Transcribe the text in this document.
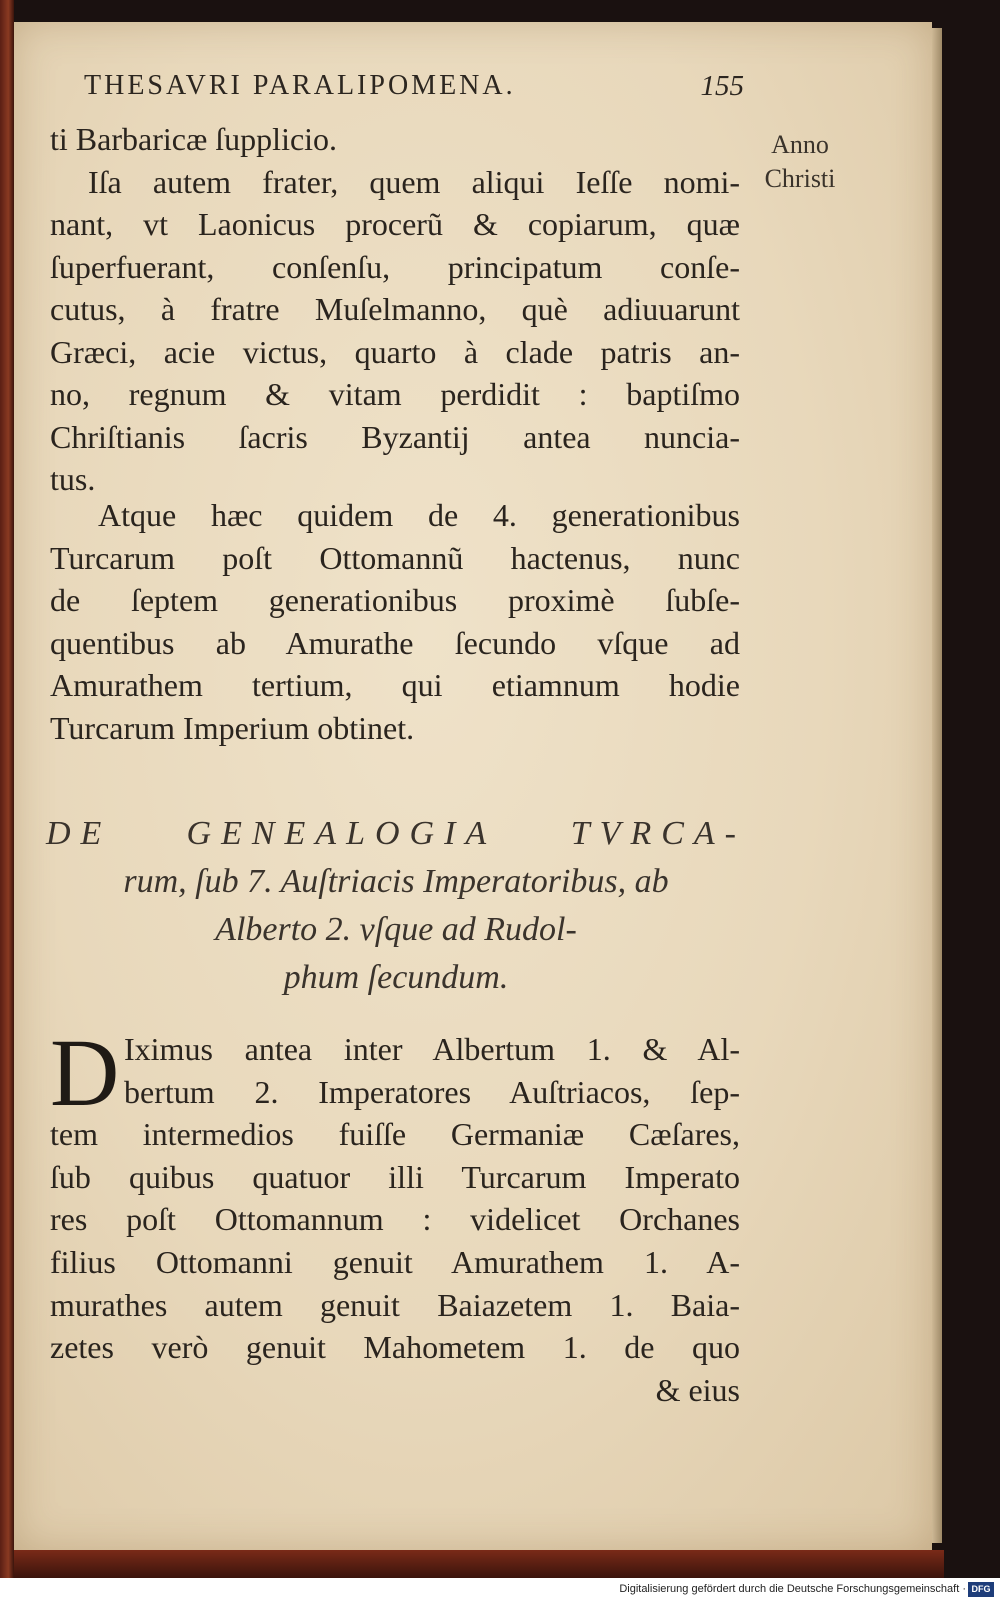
THESAVRI PARALIPOMENA.	155
Anno
Christi
ti Barbaricæ ſupplicio.
Iſa autem frater, quem aliqui Ieſſe nomi-
nant, vt Laonicus procerũ & copiarum, quæ
ſuperfuerant, conſenſu, principatum conſe-
cutus, à fratre Muſelmanno, què adiuuarunt
Græci, acie victus, quarto à clade patris an-
no, regnum & vitam perdidit : baptiſmo
Chriſtianis ſacris Byzantij antea nuncia-
tus.
Atque hæc quidem de 4. generationibus
Turcarum poſt Ottomannũ hactenus, nunc
de ſeptem generationibus proximè ſubſe-
quentibus ab Amurathe ſecundo vſque ad
Amurathem tertium, qui etiamnum hodie
Turcarum Imperium obtinet.
DE GENEALOGIA TVRCA-
rum, ſub 7. Auſtriacis Imperatoribus, ab
Alberto 2. vſque ad Rudol-
phum ſecundum.
D Iximus antea inter Albertum 1. & Al-
bertum 2. Imperatores Auſtriacos, ſep-
tem intermedios fuiſſe Germaniæ Cæſares,
ſub quibus quatuor illi Turcarum Imperato
res poſt Ottomannum : videlicet Orchanes
filius Ottomanni genuit Amurathem 1. A-
murathes autem genuit Baiazetem 1. Baia-
zetes verò genuit Mahometem 1. de quo
& eius
Digitalisierung gefördert durch die Deutsche Forschungsgemeinschaft · DFG
